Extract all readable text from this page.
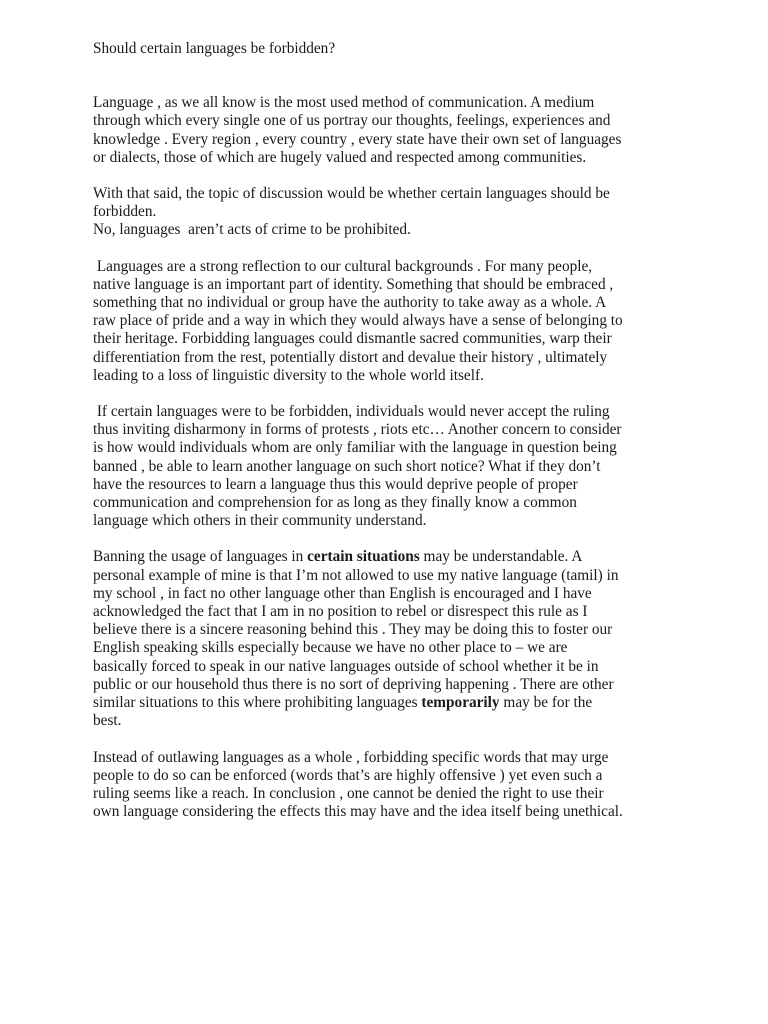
Should certain languages be forbidden?

Language , as we all know is the most used method of communication. A medium
through which every single one of us portray our thoughts, feelings, experiences and
knowledge . Every region , every country , every state have their own set of languages
or dialects, those of which are hugely valued and respected among communities.

With that said, the topic of discussion would be whether certain languages should be
forbidden.
No, languages  aren’t acts of crime to be prohibited.

Languages are a strong reflection to our cultural backgrounds . For many people,
native language is an important part of identity. Something that should be embraced ,
something that no individual or group have the authority to take away as a whole. A
raw place of pride and a way in which they would always have a sense of belonging to
their heritage. Forbidding languages could dismantle sacred communities, warp their
differentiation from the rest, potentially distort and devalue their history , ultimately
leading to a loss of linguistic diversity to the whole world itself.

If certain languages were to be forbidden, individuals would never accept the ruling
thus inviting disharmony in forms of protests , riots etc… Another concern to consider
is how would individuals whom are only familiar with the language in question being
banned , be able to learn another language on such short notice? What if they don’t
have the resources to learn a language thus this would deprive people of proper
communication and comprehension for as long as they finally know a common
language which others in their community understand.

Banning the usage of languages in certain situations may be understandable. A
personal example of mine is that I’m not allowed to use my native language (tamil) in
my school , in fact no other language other than English is encouraged and I have
acknowledged the fact that I am in no position to rebel or disrespect this rule as I
believe there is a sincere reasoning behind this . They may be doing this to foster our
English speaking skills especially because we have no other place to – we are
basically forced to speak in our native languages outside of school whether it be in
public or our household thus there is no sort of depriving happening . There are other
similar situations to this where prohibiting languages temporarily may be for the
best.

Instead of outlawing languages as a whole , forbidding specific words that may urge
people to do so can be enforced (words that’s are highly offensive ) yet even such a
ruling seems like a reach. In conclusion , one cannot be denied the right to use their
own language considering the effects this may have and the idea itself being unethical.
